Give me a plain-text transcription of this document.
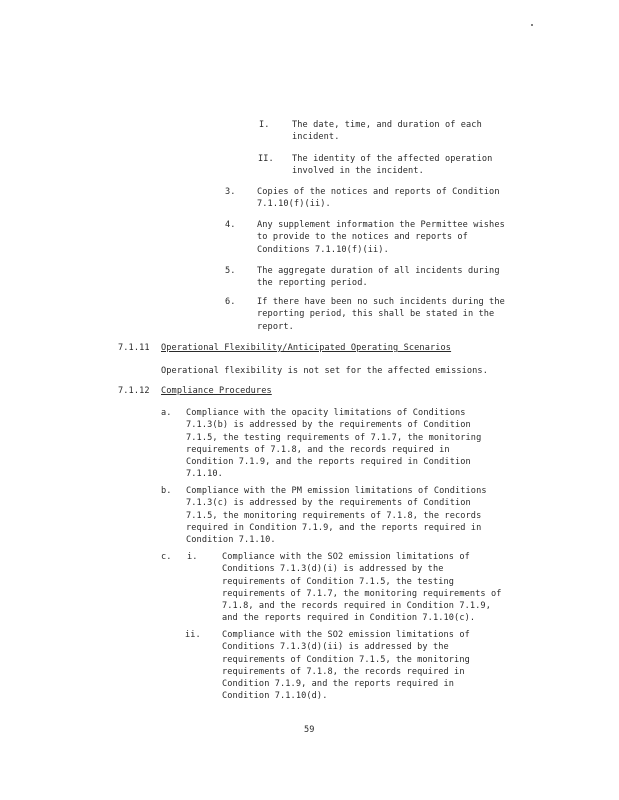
I.	The date, time, and duration of each
incident.
II. The identity of the affected operation
involved in the incident.
3. Copies of the notices and reports of Condition
7.1.10(f)(ii).
4. Any supplement information the Permittee wishes
to provide to the notices and reports of
Conditions 7.1.10(f)(ii).
5. The aggregate duration of all incidents during
the reporting period.
6. If there have been no such incidents during the
reporting period, this shall be stated in the
report.
7.1.11 Operational Flexibility/Anticipated Operating Scenarios
Operational flexibility is not set for the affected emissions.
7.1.12 Compliance Procedures
a. Compliance with the opacity limitations of Conditions
7.1.3(b) is addressed by the requirements of Condition
7.1.5, the testing requirements of 7.1.7, the monitoring
requirements of 7.1.8, and the records required in
Condition 7.1.9, and the reports required in Condition
7.1.10.
b. Compliance with the PM emission limitations of Conditions
7.1.3(c) is addressed by the requirements of Condition
7.1.5, the monitoring requirements of 7.1.8, the records
required in Condition 7.1.9, and the reports required in
Condition 7.1.10.
c. i.	Compliance with the SO2 emission limitations of
Conditions 7.1.3(d)(i) is addressed by the
requirements of Condition 7.1.5, the testing
requirements of 7.1.7, the monitoring requirements of
7.1.8, and the records required in Condition 7.1.9,
and the reports required in Condition 7.1.10(c).
ii. Compliance with the SO2 emission limitations of
Conditions 7.1.3(d)(ii) is addressed by the
requirements of Condition 7.1.5, the monitoring
requirements of 7.1.8, the records required in
Condition 7.1.9, and the reports required in
Condition 7.1.10(d).
59
